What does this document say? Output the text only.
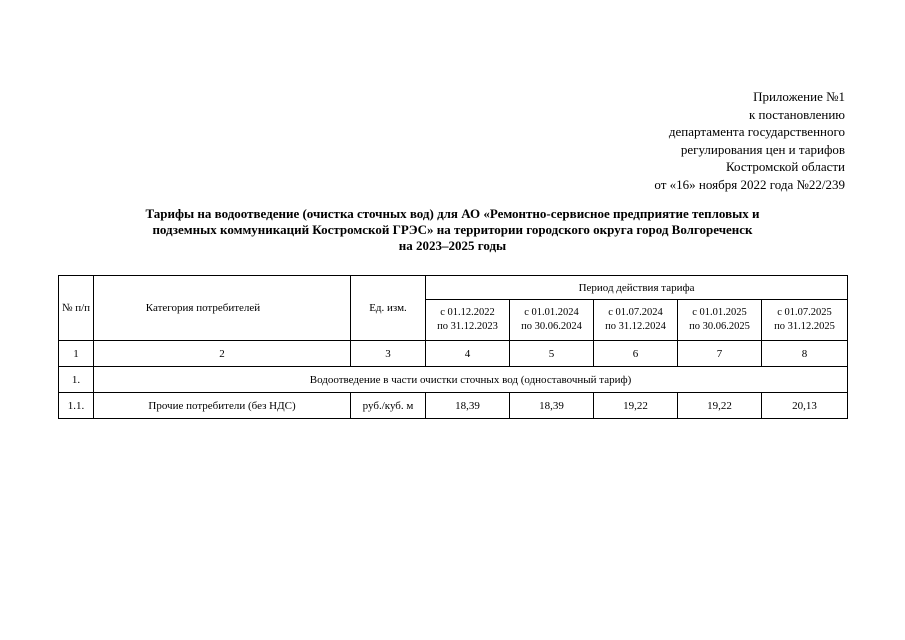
Приложение №1
к постановлению
департамента государственного
регулирования цен и тарифов
Костромской области
от «16» ноября 2022 года №22/239
Тарифы на водоотведение (очистка сточных вод) для АО «Ремонтно-сервисное предприятие тепловых и
подземных коммуникаций Костромской ГРЭС» на территории городского округа город Волгореченск
на 2023–2025 годы
№ п/п	Категория потребителей	Ед. изм.	Период действия тарифа				

			с 01.12.2022
по 31.12.2023	с 01.01.2024
по 30.06.2024	с 01.07.2024
по 31.12.2024	с 01.01.2025
по 30.06.2025	с 01.07.2025
по 31.12.2025

1	2	3	4	5	6	7	8
1.	Водоотведение в части очистки сточных вод (одноставочный тариф)						
1.1.	Прочие потребители (без НДС)	руб./куб. м	18,39	18,39	19,22	19,22	20,13
